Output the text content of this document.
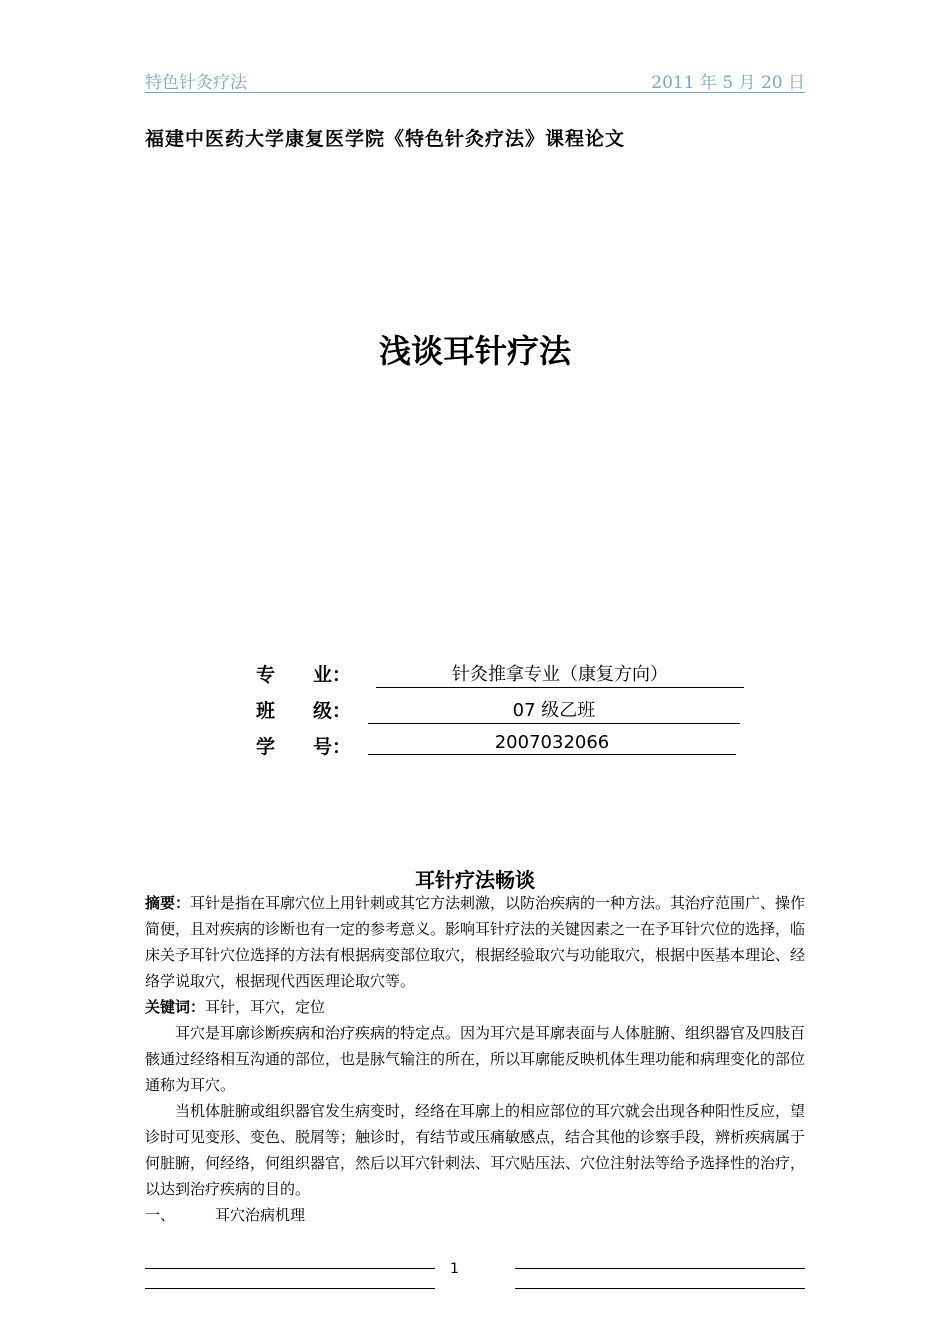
特色针灸疗法	2011 年 5 月 20 日
福建中医药大学康复医学院《特色针灸疗法》课程论文
浅谈耳针疗法
专　　业：	针灸推拿专业（康复方向）
班　　级：	07 级乙班
学　　号：	2007032066
耳针疗法畅谈

摘要：耳针是指在耳廓穴位上用针刺或其它方法刺激，以防治疾病的一种方法。其治疗范围广、操作简便，且对疾病的诊断也有一定的参考意义。影响耳针疗法的关键因素之一在予耳针穴位的选择，临床关予耳针穴位选择的方法有根据病变部位取穴，根据经验取穴与功能取穴，根据中医基本理论、经络学说取穴，根据现代西医理论取穴等。

关键词：耳针，耳穴，定位

耳穴是耳廓诊断疾病和治疗疾病的特定点。因为耳穴是耳廓表面与人体脏腑、组织器官及四肢百骸通过经络相互沟通的部位，也是脉气输注的所在，所以耳廓能反映机体生理功能和病理变化的部位通称为耳穴。

当机体脏腑或组织器官发生病变时，经络在耳廓上的相应部位的耳穴就会出现各种阳性反应，望诊时可见变形、变色、脱屑等；触诊时，有结节或压痛敏感点，结合其他的诊察手段，辨析疾病属于何脏腑，何经络，何组织器官，然后以耳穴针刺法、耳穴贴压法、穴位注射法等给予选择性的治疗，以达到治疗疾病的目的。

一、	耳穴治病机理

1
